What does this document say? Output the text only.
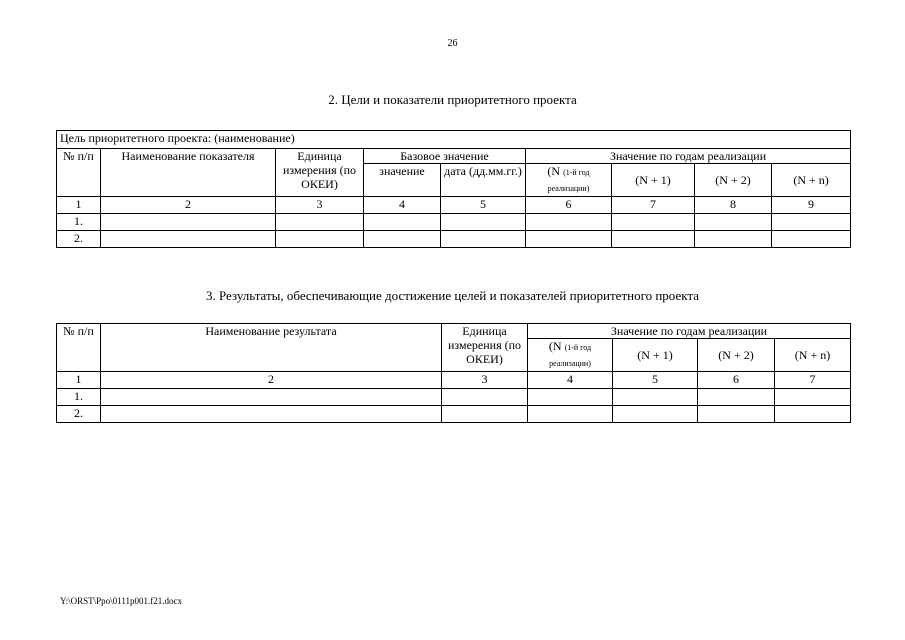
26
2. Цели и показатели приоритетного проекта
Цель приоритетного проекта: (наименование)								
№ п/п	Наименование показателя	Единица измерения (по ОКЕИ)	Базовое значение		Значение по годам реализации			
			значение	дата (дд.мм.гг.)	(N (1-й год реализации)	(N + 1)	(N + 2)	(N + n)
1	2	3	4	5	6	7	8	9
1.								
2.								
3. Результаты, обеспечивающие достижение целей и показателей приоритетного проекта
№ п/п	Наименование результата	Единица измерения (по ОКЕИ)	Значение по годам реализации			
			(N (1-й год реализации)	(N + 1)	(N + 2)	(N + n)
1	2	3	4	5	6	7
1.						
2.						
Y:\ORST\Ppo\0111p001.f21.docx
